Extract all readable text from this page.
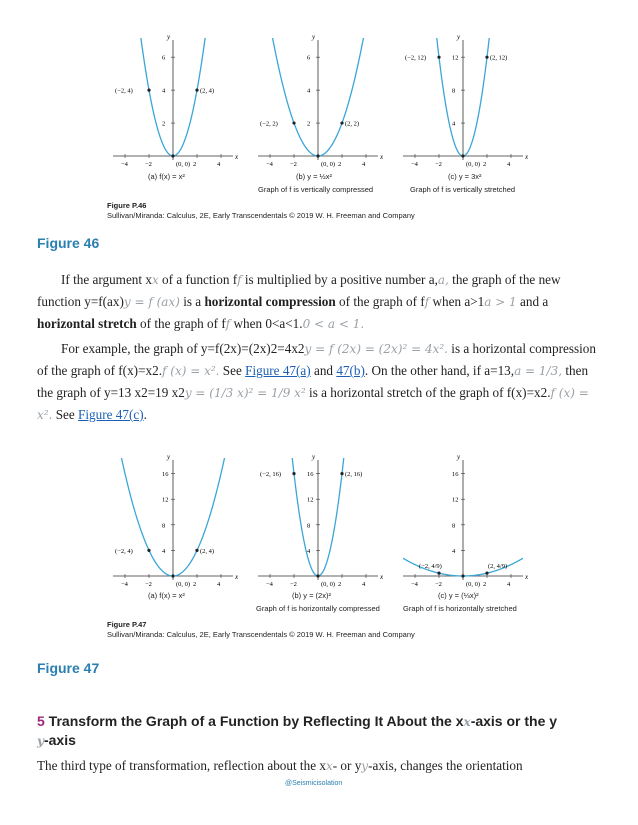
x
y
−4	−2	2	4
2
4
6
(−2, 4)	(2, 4)
(0, 0)
x
y
−4	−2	2	4
2
4
6
(−2, 2)	(2, 2)
(0, 0)
x
y
−4	−2	2	4
4
8
12
(−2, 12)	(2, 12)
(0, 0)
(a) f(x) = x²	(b) y = ½x²
Graph of f is vertically compressed
(c) y = 3x²
Graph of f is vertically stretched
Figure P.46
Sullivan/Miranda: Calculus, 2E, Early Transcendentals © 2019 W. H. Freeman and Company
Figure 46

If the argument xx of a function ff is multiplied by a positive number a,a, the graph of the new function y=f(ax)y = f (ax) is a horizontal compression of the graph of ff when a>1a > 1 and a horizontal stretch of the graph of ff when 0<a<1.0 < a < 1.

For example, the graph of y=f(2x)=(2x)2=4x2y = f (2x) = (2x)² = 4x². is a horizontal compression of the graph of f(x)=x2.f (x) = x². See Figure 47(a) and 47(b). On the other hand, if a=13,a = 1/3, then the graph of y=13 x2=19 x2y = (1/3 x)² = 1/9 x² is a horizontal stretch of the graph of f(x)=x2.f (x) = x². See Figure 47(c).

x
y
−4	−2	2	4
4
8
12
16
(−2, 4)	(2, 4)
(0, 0)
x
y
−4	−2	2	4
4
8
12
16
(−2, 16)	(2, 16)
(0, 0)
x
y
−4	−2	2	4
4
8
12
16
(−2, 4/9)	(2, 4/9)
(0, 0)
(a) f(x) = x²	(b) y = (2x)²
Graph of f is horizontally compressed
(c) y = (⅓x)²
Graph of f is horizontally stretched
Figure P.47
Sullivan/Miranda: Calculus, 2E, Early Transcendentals © 2019 W. H. Freeman and Company
Figure 47
5 Transform the Graph of a Function by Reflecting It About the xx-axis or the y
y-axis

The third type of transformation, reflection about the xx- or yy-axis, changes the orientation

@Seismicisolation
